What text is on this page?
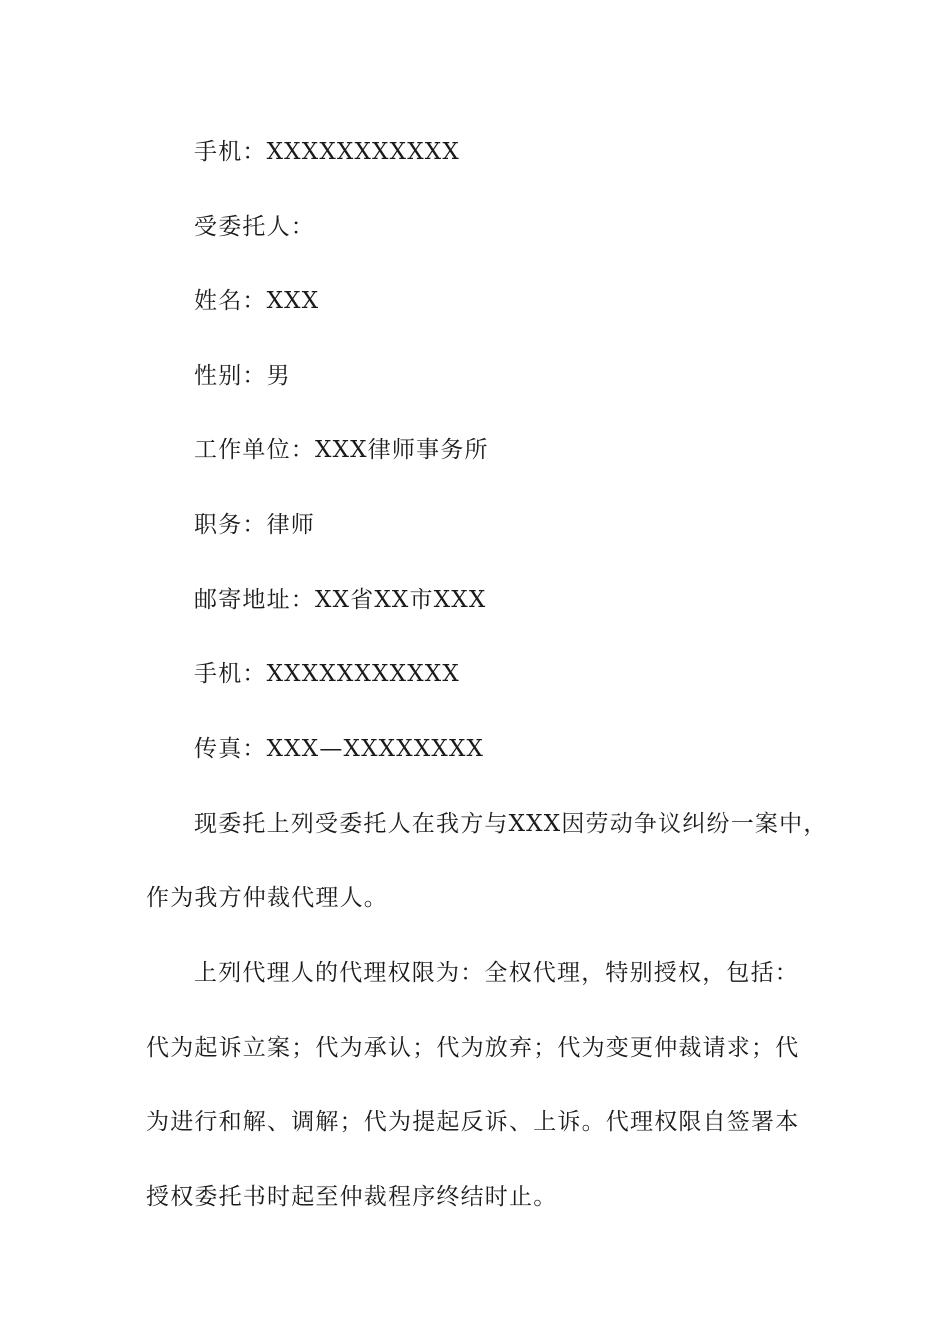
手机：XXXXXXXXXXX
受委托人：
姓名：XXX
性别：男
工作单位：XXX律师事务所
职务：律师
邮寄地址：XX省XX市XXX
手机：XXXXXXXXXXX
传真：XXX—XXXXXXXX
现委托上列受委托人在我方与XXX因劳动争议纠纷一案中，
作为我方仲裁代理人。
上列代理人的代理权限为：全权代理，特别授权，包括：
代为起诉立案；代为承认；代为放弃；代为变更仲裁请求；代
为进行和解、调解；代为提起反诉、上诉。代理权限自签署本
授权委托书时起至仲裁程序终结时止。
